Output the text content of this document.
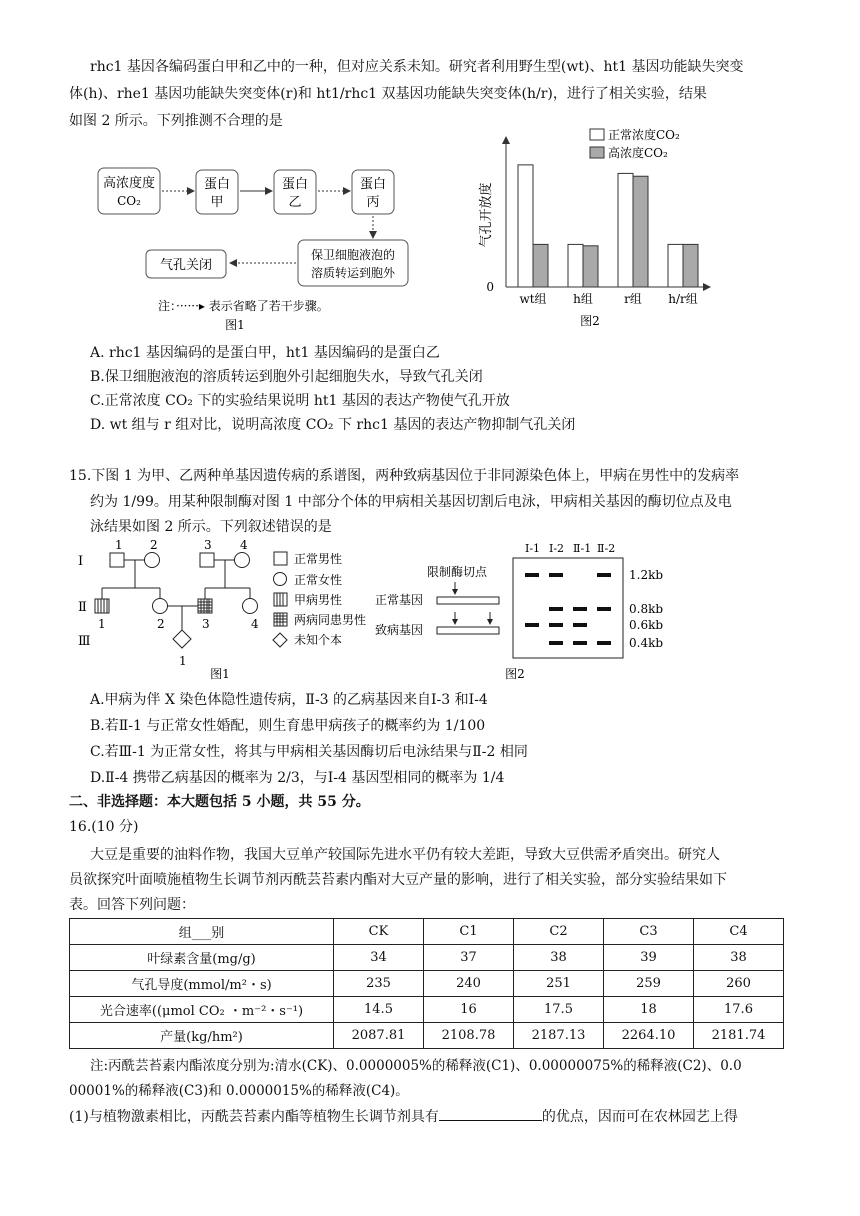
rhc1 基因各编码蛋白甲和乙中的一种，但对应关系未知。研究者利用野生型(wt)、ht1 基因功能缺失突变
体(h)、rhe1 基因功能缺失突变体(r)和 ht1/rhc1 双基因功能缺失突变体(h/r)，进行了相关实验，结果
如图 2 所示。下列推测不合理的是
高浓度度
CO₂
蛋白
甲
蛋白
乙
蛋白
丙
保卫细胞液泡的
溶质转运到胞外
气孔关闭
注：······▸ 表示省略了若干步骤。
图1
正常浓度CO₂
高浓度CO₂
0
气孔开放度
wt组 h组	r组 h/r组
图2
A. rhc1 基因编码的是蛋白甲，ht1 基因编码的是蛋白乙
B.保卫细胞液泡的溶质转运到胞外引起细胞失水，导致气孔关闭
C.正常浓度 CO₂ 下的实验结果说明 ht1 基因的表达产物使气孔开放
D. wt 组与 r 组对比，说明高浓度 CO₂ 下 rhc1 基因的表达产物抑制气孔关闭
15.下图 1 为甲、乙两种单基因遗传病的系谱图，两种致病基因位于非同源染色体上，甲病在男性中的发病率
约为 1/99。用某种限制酶对图 1 中部分个体的甲病相关基因切割后电泳，甲病相关基因的酶切位点及电
泳结果如图 2 所示。下列叙述错误的是
Ⅰ
Ⅱ
Ⅲ
1 2	3 4
1	2	3	4
1
正常男性
正常女性
甲病男性
两病同患男性
未知个本
图1
限制酶切点
正常基因
致病基因
Ⅰ-1 Ⅰ-2 Ⅱ-1 Ⅱ-2
1.2kb
0.8kb
0.6kb
0.4kb
图2
A.甲病为伴 X 染色体隐性遗传病，Ⅱ-3 的乙病基因来自Ⅰ-3 和Ⅰ-4
B.若Ⅱ-1 与正常女性婚配，则生育患甲病孩子的概率约为 1/100
C.若Ⅲ-1 为正常女性，将其与甲病相关基因酶切后电泳结果与Ⅱ-2 相同
D.Ⅱ-4 携带乙病基因的概率为 2/3，与Ⅰ-4 基因型相同的概率为 1/4
二、非选择题：本大题包括 5 小题，共 55 分。
16.(10 分)
大豆是重要的油料作物，我国大豆单产较国际先进水平仍有较大差距，导致大豆供需矛盾突出。研究人
员欲探究叶面喷施植物生长调节剂丙酰芸苔素内酯对大豆产量的影响，进行了相关实验，部分实验结果如下
表。回答下列问题：
组___别	CK	C1	C2	C3	C4
叶绿素含量(mg/g)	34	37	38	39	38
气孔导度(mmol/m²・s)	235	240	251	259	260
光合速率((μmol CO₂ ・m⁻²・s⁻¹)	14.5	16	17.5	18	17.6
产量(kg/hm²)	2087.81	2108.78	2187.13	2264.10	2181.74
注:丙酰芸苔素内酯浓度分别为:清水(CK)、0.0000005%的稀释液(C1)、0.00000075%的稀释液(C2)、0.0
00001%的稀释液(C3)和 0.0000015%的稀释液(C4)。
(1)与植物激素相比，丙酰芸苔素内酯等植物生长调节剂具有	的优点，因而可在农林园艺上得
